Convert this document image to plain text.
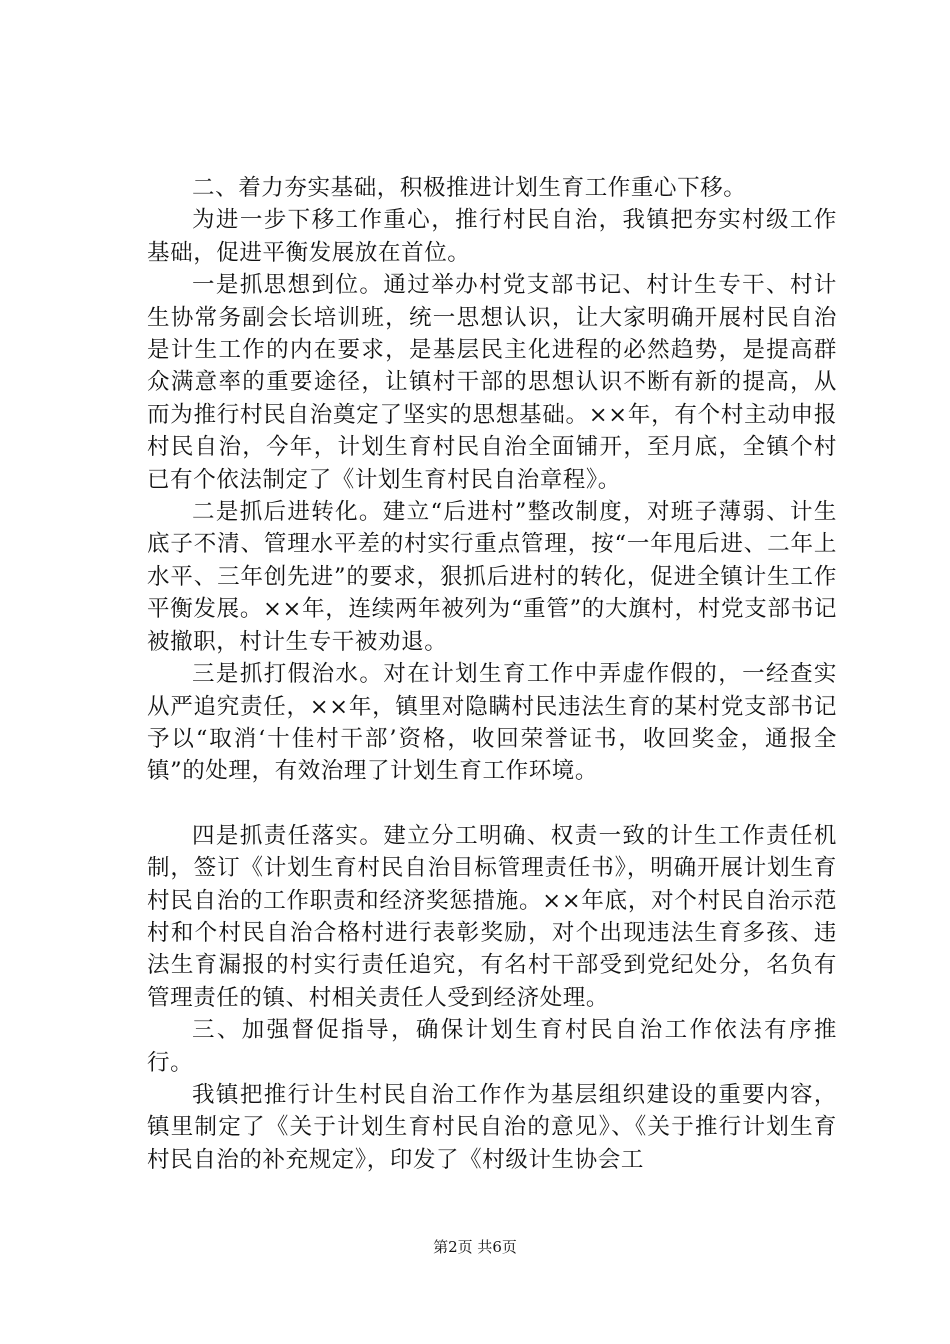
二、着力夯实基础，积极推进计划生育工作重心下移。

为进一步下移工作重心，推行村民自治，我镇把夯实村级工作基础，促进平衡发展放在首位。

一是抓思想到位。通过举办村党支部书记、村计生专干、村计生协常务副会长培训班，统一思想认识，让大家明确开展村民自治是计生工作的内在要求，是基层民主化进程的必然趋势，是提高群众满意率的重要途径，让镇村干部的思想认识不断有新的提高，从而为推行村民自治奠定了坚实的思想基础。××年，有个村主动申报村民自治，今年，计划生育村民自治全面铺开，至月底，全镇个村已有个依法制定了《计划生育村民自治章程》。

二是抓后进转化。建立“后进村”整改制度，对班子薄弱、计生底子不清、管理水平差的村实行重点管理，按“一年甩后进、二年上水平、三年创先进”的要求，狠抓后进村的转化，促进全镇计生工作平衡发展。××年，连续两年被列为“重管”的大旗村，村党支部书记被撤职，村计生专干被劝退。

三是抓打假治水。对在计划生育工作中弄虚作假的，一经查实从严追究责任，××年，镇里对隐瞒村民违法生育的某村党支部书记予以“取消‘十佳村干部’资格，收回荣誉证书，收回奖金，通报全镇”的处理，有效治理了计划生育工作环境。

四是抓责任落实。建立分工明确、权责一致的计生工作责任机制，签订《计划生育村民自治目标管理责任书》，明确开展计划生育村民自治的工作职责和经济奖惩措施。××年底，对个村民自治示范村和个村民自治合格村进行表彰奖励，对个出现违法生育多孩、违法生育漏报的村实行责任追究，有名村干部受到党纪处分，名负有管理责任的镇、村相关责任人受到经济处理。

三、加强督促指导，确保计划生育村民自治工作依法有序推行。

我镇把推行计生村民自治工作作为基层组织建设的重要内容，镇里制定了《关于计划生育村民自治的意见》、《关于推行计划生育村民自治的补充规定》，印发了《村级计生协会工

第2页 共6页
